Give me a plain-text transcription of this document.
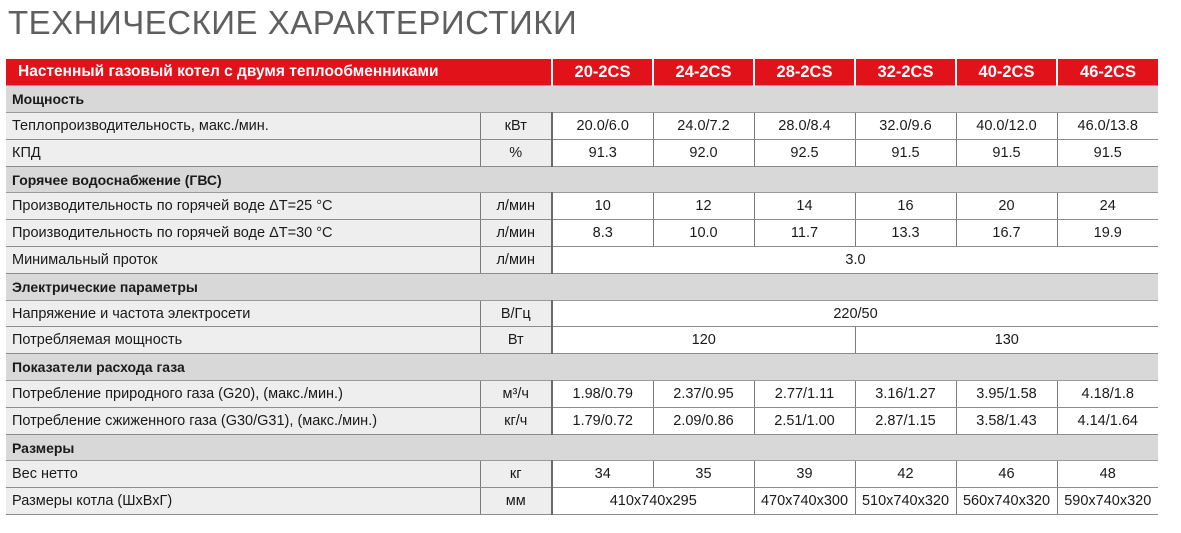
ТЕХНИЧЕСКИЕ ХАРАКТЕРИСТИКИ
Настенный газовый котел с двумя теплообменниками		20-2CS	24-2CS	28-2CS	32-2CS	40-2CS	46-2CS
Мощность							
Теплопроизводительность, макс./мин.	кВт	20.0/6.0	24.0/7.2	28.0/8.4	32.0/9.6	40.0/12.0	46.0/13.8
КПД	%	91.3	92.0	92.5	91.5	91.5	91.5
Горячее водоснабжение (ГВС)							
Производительность по горячей воде ΔT=25 °С	л/мин	10	12	14	16	20	24
Производительность по горячей воде ΔT=30 °С	л/мин	8.3	10.0	11.7	13.3	16.7	19.9
Минимальный проток	л/мин	3.0					
Электрические параметры							
Напряжение и частота электросети	В/Гц	220/50					
Потребляемая мощность	Вт	120			130		
Показатели расхода газа							
Потребление природного газа (G20), (макс./мин.)	м³/ч	1.98/0.79	2.37/0.95	2.77/1.11	3.16/1.27	3.95/1.58	4.18/1.8
Потребление сжиженного газа (G30/G31), (макс./мин.)	кг/ч	1.79/0.72	2.09/0.86	2.51/1.00	2.87/1.15	3.58/1.43	4.14/1.64
Размеры							
Вес нетто	кг	34	35	39	42	46	48
Размеры котла (ШхВхГ)	мм	410x740x295		470x740x300	510x740x320	560x740x320	590x740x320
